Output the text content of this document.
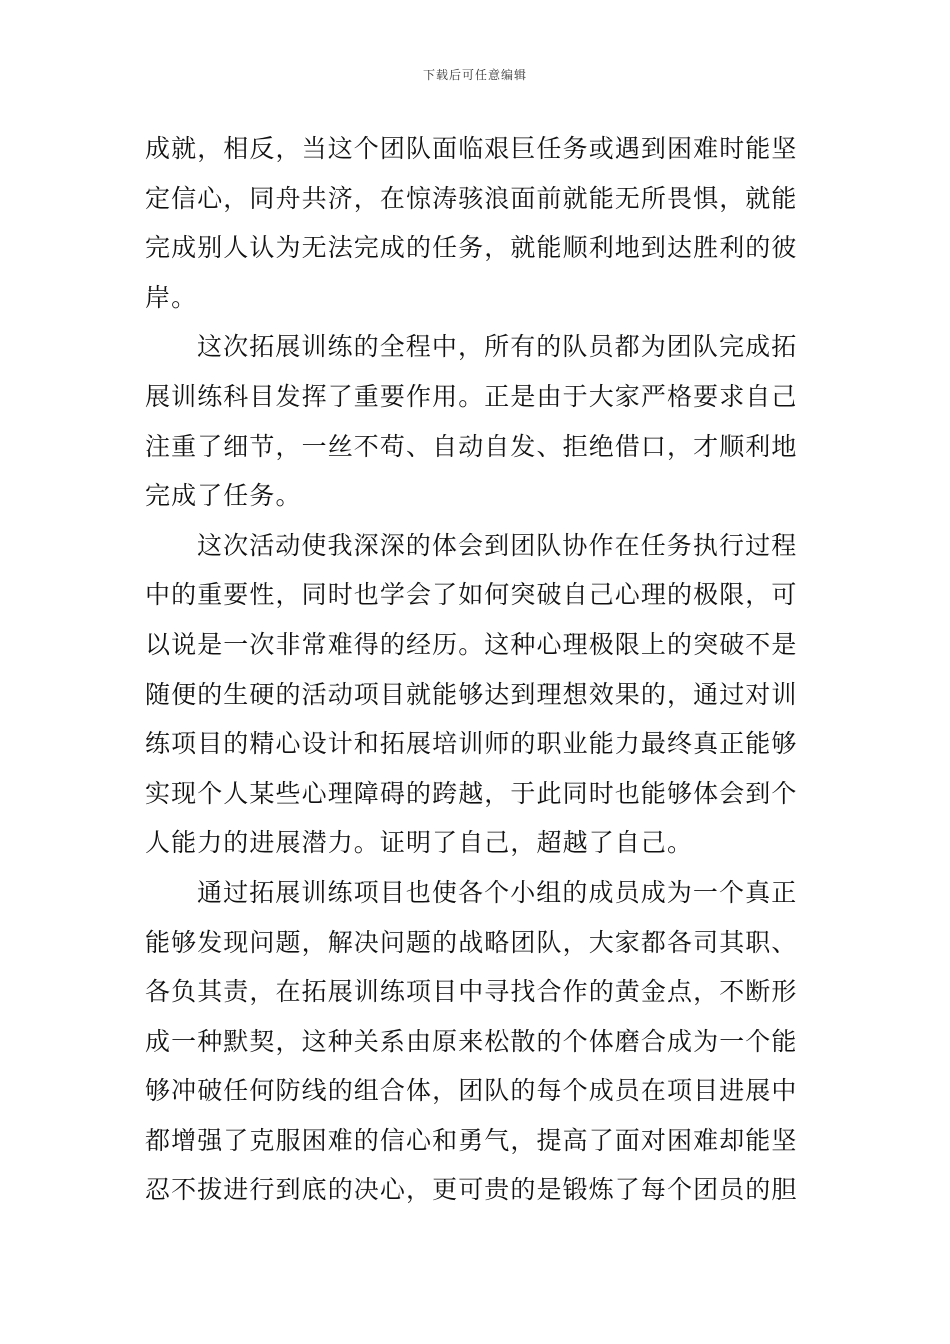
下载后可任意编辑
成就，相反，当这个团队面临艰巨任务或遇到困难时能坚
定信心，同舟共济，在惊涛骇浪面前就能无所畏惧，就能
完成别人认为无法完成的任务，就能顺利地到达胜利的彼
岸。
这次拓展训练的全程中，所有的队员都为团队完成拓
展训练科目发挥了重要作用。正是由于大家严格要求自己
注重了细节，一丝不苟、自动自发、拒绝借口，才顺利地
完成了任务。
这次活动使我深深的体会到团队协作在任务执行过程
中的重要性，同时也学会了如何突破自己心理的极限，可
以说是一次非常难得的经历。这种心理极限上的突破不是
随便的生硬的活动项目就能够达到理想效果的，通过对训
练项目的精心设计和拓展培训师的职业能力最终真正能够
实现个人某些心理障碍的跨越，于此同时也能够体会到个
人能力的进展潜力。证明了自己，超越了自己。
通过拓展训练项目也使各个小组的成员成为一个真正
能够发现问题，解决问题的战略团队，大家都各司其职、
各负其责，在拓展训练项目中寻找合作的黄金点，不断形
成一种默契，这种关系由原来松散的个体磨合成为一个能
够冲破任何防线的组合体，团队的每个成员在项目进展中
都增强了克服困难的信心和勇气，提高了面对困难却能坚
忍不拔进行到底的决心，更可贵的是锻炼了每个团员的胆
